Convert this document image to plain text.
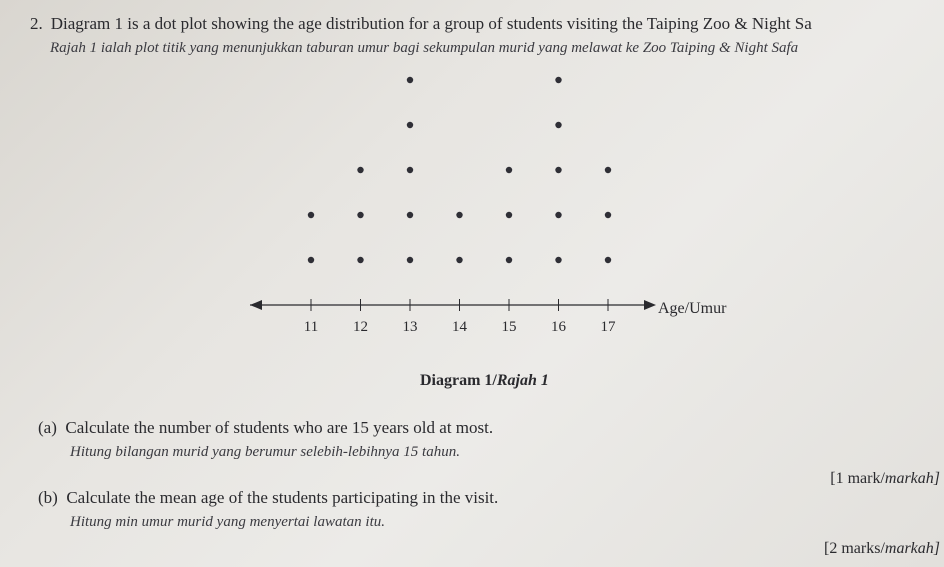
2. Diagram 1 is a dot plot showing the age distribution for a group of students visiting the Taiping Zoo & Night Sa
Rajah 1 ialah plot titik yang menunjukkan taburan umur bagi sekumpulan murid yang melawat ke Zoo Taiping & Night Safa
11 12 13 14 15 16 17
Age/Umur
Diagram 1/Rajah 1
(a) Calculate the number of students who are 15 years old at most.
Hitung bilangan murid yang berumur selebih-lebihnya 15 tahun.
[1 mark/markah]
(b) Calculate the mean age of the students participating in the visit.
Hitung min umur murid yang menyertai lawatan itu.
[2 marks/markah]
